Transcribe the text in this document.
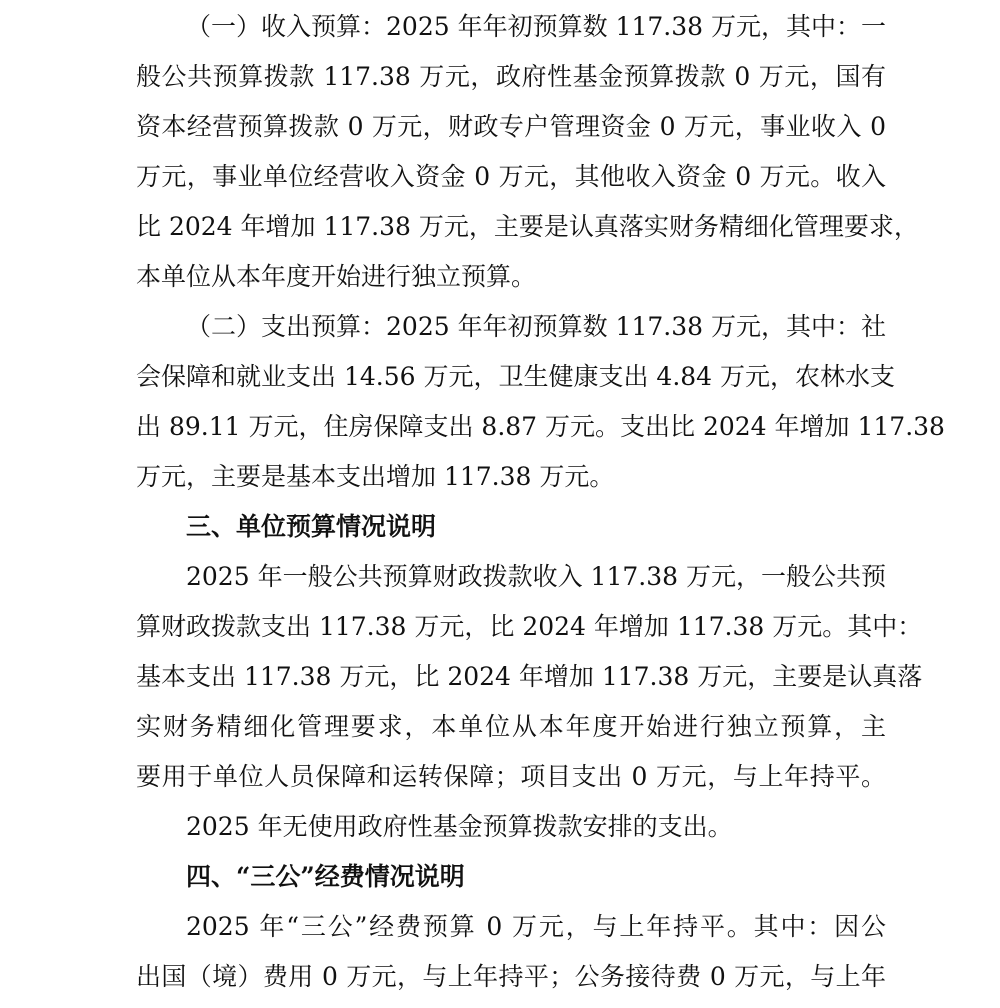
（一）收入预算：2025 年年初预算数 117.38 万元，其中：一
般公共预算拨款 117.38 万元，政府性基金预算拨款 0 万元，国有
资本经营预算拨款 0 万元，财政专户管理资金 0 万元，事业收入 0
万元，事业单位经营收入资金 0 万元，其他收入资金 0 万元。收入
比 2024 年增加 117.38 万元，主要是认真落实财务精细化管理要求，
本单位从本年度开始进行独立预算。
（二）支出预算：2025 年年初预算数 117.38 万元，其中：社
会保障和就业支出 14.56 万元，卫生健康支出 4.84 万元，农林水支
出 89.11 万元，住房保障支出 8.87 万元。支出比 2024 年增加 117.38
万元，主要是基本支出增加 117.38 万元。
三、单位预算情况说明
2025 年一般公共预算财政拨款收入 117.38 万元，一般公共预
算财政拨款支出 117.38 万元，比 2024 年增加 117.38 万元。其中：
基本支出 117.38 万元，比 2024 年增加 117.38 万元，主要是认真落
实财务精细化管理要求，本单位从本年度开始进行独立预算，主
要用于单位人员保障和运转保障；项目支出 0 万元，与上年持平。
2025 年无使用政府性基金预算拨款安排的支出。
四、“三公”经费情况说明
2025 年“三公”经费预算 0 万元，与上年持平。其中：因公
出国（境）费用 0 万元，与上年持平；公务接待费 0 万元，与上年
